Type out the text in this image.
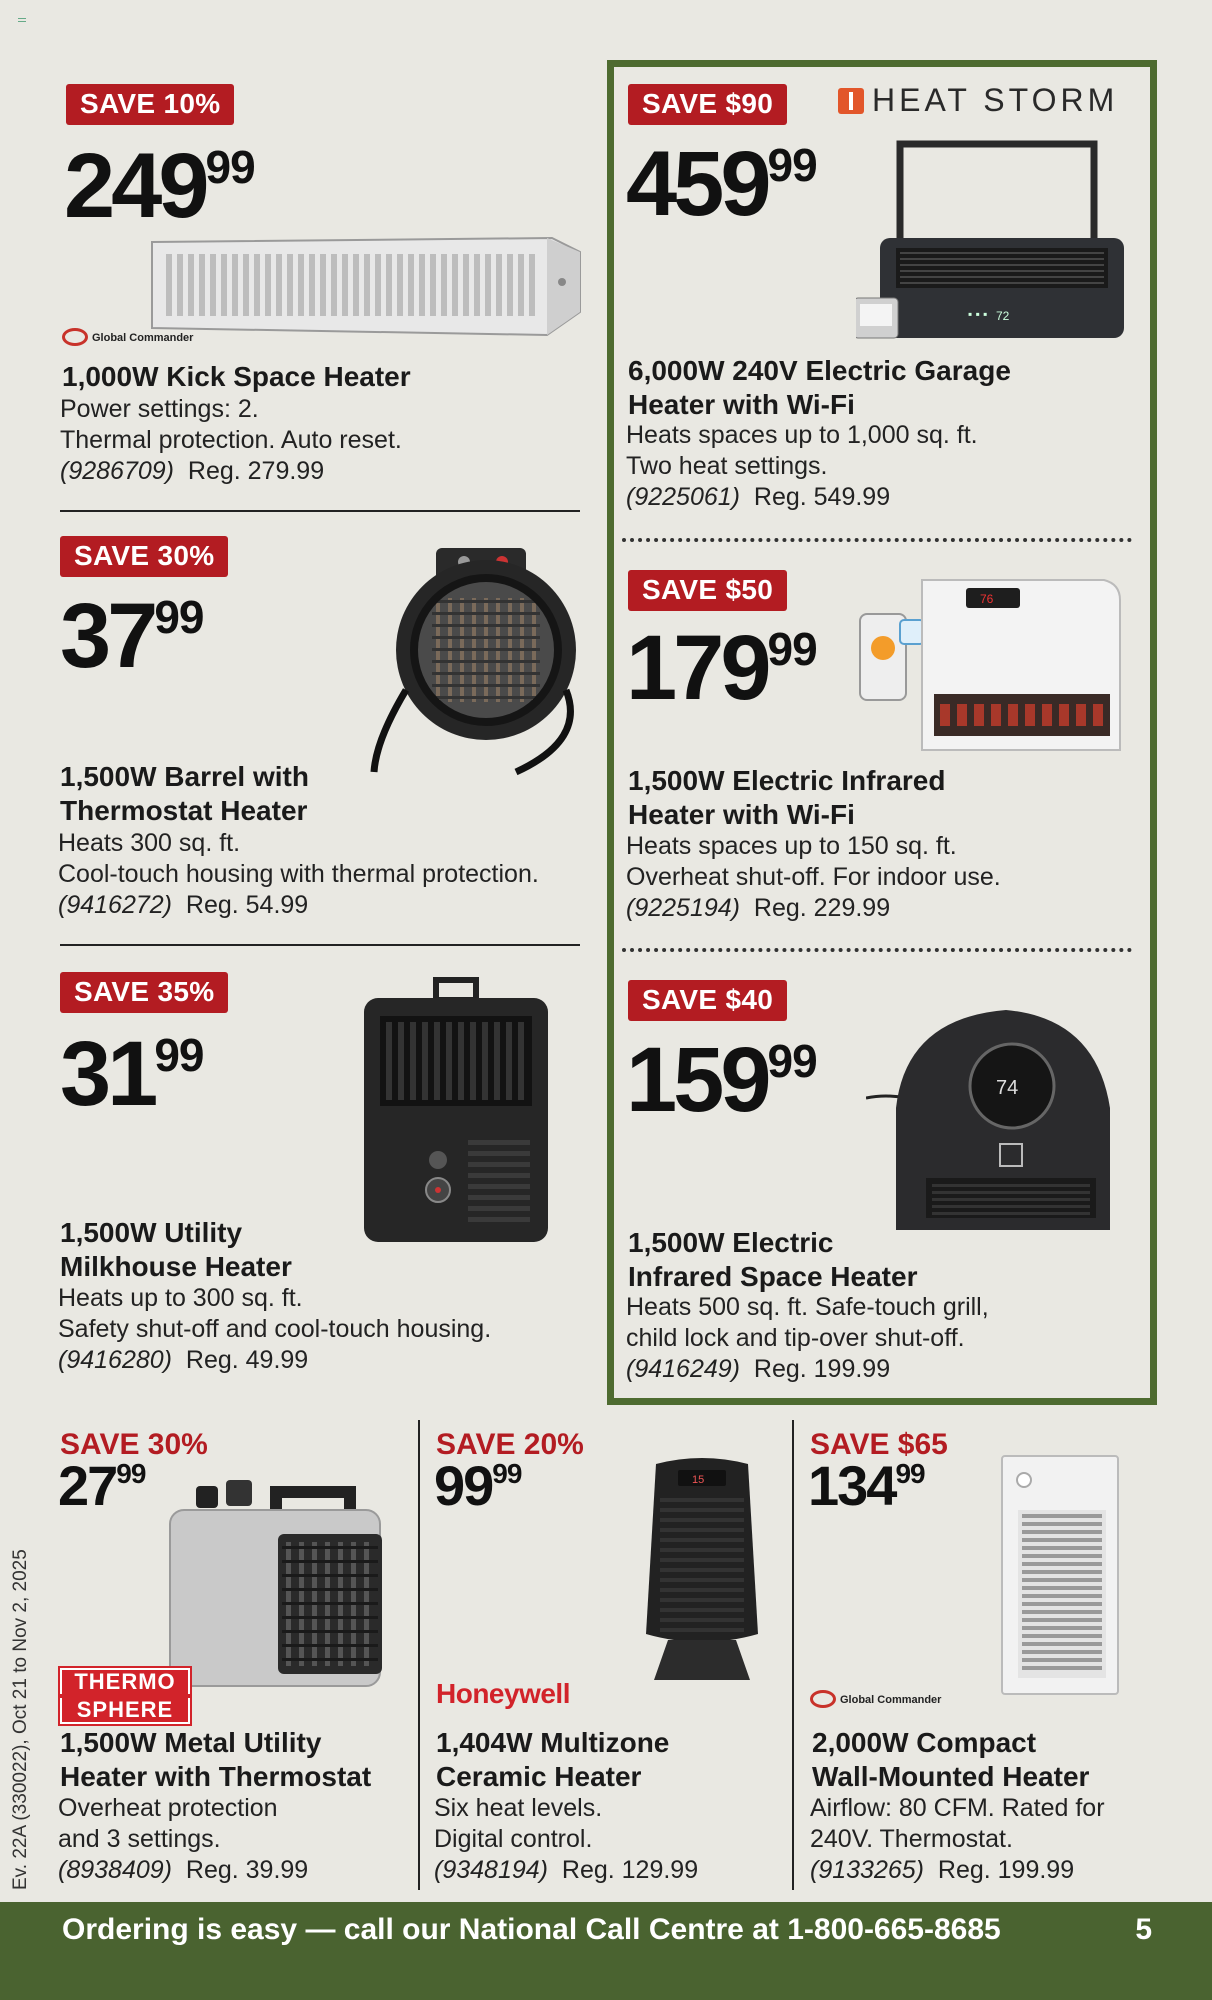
SAVE 10%
$249^{99}$
Global Commander
1,000W Kick Space Heater
Power settings: 2.
Thermal protection. Auto reset.
(9286709) Reg. 279.99
SAVE 30%
$37^{99}$
1,500W Barrel with
Thermostat Heater
Heats 300 sq. ft.
Cool-touch housing with thermal protection.
(9416272) Reg. 54.99
SAVE 35%
$31^{99}$
1,500W Utility
Milkhouse Heater
Heats up to 300 sq. ft.
Safety shut-off and cool-touch housing.
(9416280) Reg. 49.99
HEAT STORM
SAVE $90
$459^{99}$
▪ ▪ ▪ 72
6,000W 240V Electric Garage
Heater with Wi-Fi
Heats spaces up to 1,000 sq. ft.
Two heat settings.
(9225061) Reg. 549.99
SAVE $50
$179^{99}$
76
1,500W Electric Infrared
Heater with Wi-Fi
Heats spaces up to 150 sq. ft.
Overheat shut-off. For indoor use.
(9225194) Reg. 229.99
SAVE $40
$159^{99}$
74
1,500W Electric
Infrared Space Heater
Heats 500 sq. ft. Safe-touch grill,
child lock and tip-over shut-off.
(9416249) Reg. 199.99
SAVE 30%
$27^{99}$
THERMO
SPHERE
1,500W Metal Utility
Heater with Thermostat
Overheat protection
and 3 settings.
(8938409) Reg. 39.99
SAVE 20%
$99^{99}$	15
Honeywell
1,404W Multizone
Ceramic Heater
Six heat levels.
Digital control.
(9348194) Reg. 129.99
SAVE $65
$134^{99}$
Global Commander
2,000W Compact
Wall-Mounted Heater
Airflow: 80 CFM. Rated for
240V. Thermostat.
(9133265) Reg. 199.99
Ev. 22A (330022), Oct 21 to Nov 2, 2025
Ordering is easy — call our National Call Centre at 1-800-665-8685	5
